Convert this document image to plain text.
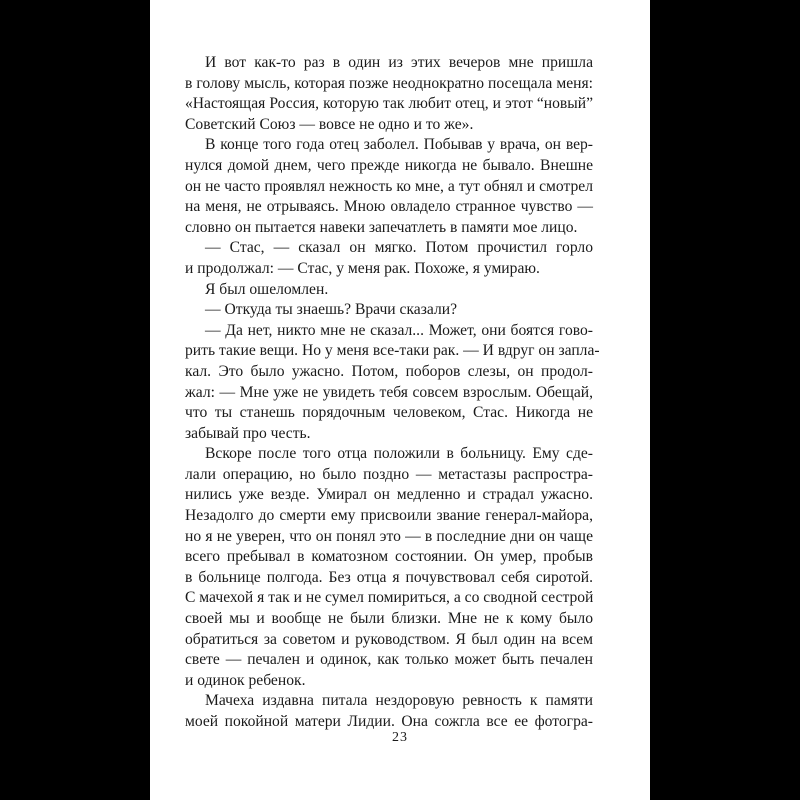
И вот как-то раз в один из этих вечеров мне пришла
в голову мысль, которая позже неоднократно посещала меня:
«Настоящая Россия, которую так любит отец, и этот “новый”
Советский Союз — вовсе не одно и то же».

В конце того года отец заболел. Побывав у врача, он вер-
нулся домой днем, чего прежде никогда не бывало. Внешне
он не часто проявлял нежность ко мне, а тут обнял и смотрел
на меня, не отрываясь. Мною овладело странное чувство —
словно он пытается навеки запечатлеть в памяти мое лицо.

— Стас, — сказал он мягко. Потом прочистил горло
и продолжал: — Стас, у меня рак. Похоже, я умираю.

Я был ошеломлен.

— Откуда ты знаешь? Врачи сказали?

— Да нет, никто мне не сказал... Может, они боятся гово-
рить такие вещи. Но у меня все-таки рак. — И вдруг он запла-
кал. Это было ужасно. Потом, поборов слезы, он продол-
жал: — Мне уже не увидеть тебя совсем взрослым. Обещай,
что ты станешь порядочным человеком, Стас. Никогда не
забывай про честь.

Вскоре после того отца положили в больницу. Ему сде-
лали операцию, но было поздно — метастазы распростра-
нились уже везде. Умирал он медленно и страдал ужасно.
Незадолго до смерти ему присвоили звание генерал-майора,
но я не уверен, что он понял это — в последние дни он чаще
всего пребывал в коматозном состоянии. Он умер, пробыв
в больнице полгода. Без отца я почувствовал себя сиротой.
С мачехой я так и не сумел помириться, а со сводной сестрой
своей мы и вообще не были близки. Мне не к кому было
обратиться за советом и руководством. Я был один на всем
свете — печален и одинок, как только может быть печален
и одинок ребенок.

Мачеха издавна питала нездоровую ревность к памяти
моей покойной матери Лидии. Она сожгла все ее фотогра-

23
